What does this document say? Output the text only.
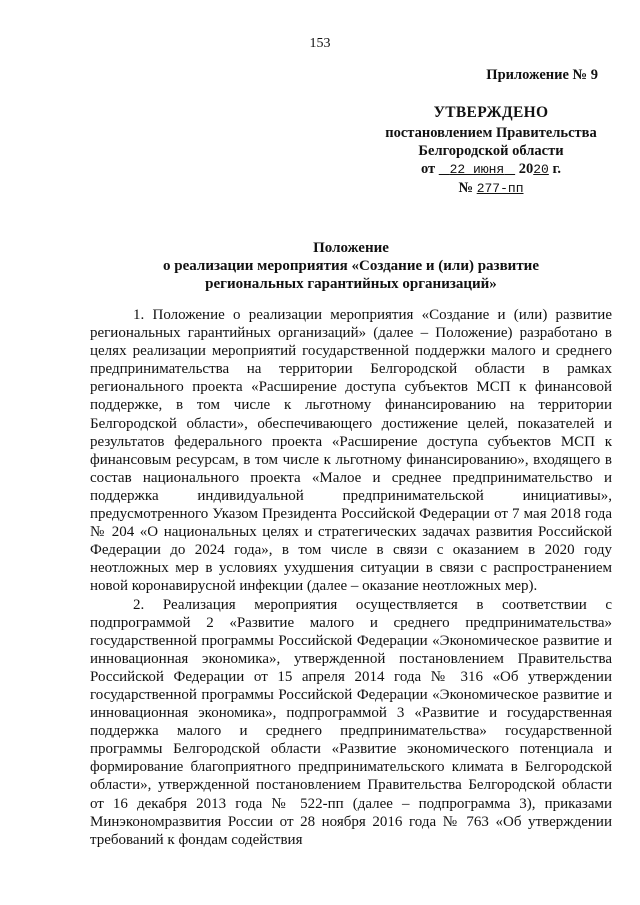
153
Приложение № 9
УТВЕРЖДЕНО
постановлением Правительства
Белгородской области
от 22 июня 2020 г.
№ 277-пп
Положение
о реализации мероприятия «Создание и (или) развитие
региональных гарантийных организаций»

1. Положение о реализации мероприятия «Создание и (или) развитие региональных гарантийных организаций» (далее – Положение) разработано в целях реализации мероприятий государственной поддержки малого и среднего предпринимательства на территории Белгородской области в рамках регионального проекта «Расширение доступа субъектов МСП к финансовой поддержке, в том числе к льготному финансированию на территории Белгородской области», обеспечивающего достижение целей, показателей и результатов федерального проекта «Расширение доступа субъектов МСП к финансовым ресурсам, в том числе к льготному финансированию», входящего в состав национального проекта «Малое и среднее предпринимательство и поддержка индивидуальной предпринимательской инициативы», предусмотренного Указом Президента Российской Федерации от 7 мая 2018 года № 204 «О национальных целях и стратегических задачах развития Российской Федерации до 2024 года», в том числе в связи с оказанием в 2020 году неотложных мер в условиях ухудшения ситуации в связи с распространением новой коронавирусной инфекции (далее – оказание неотложных мер).

2. Реализация мероприятия осуществляется в соответствии с подпрограммой 2 «Развитие малого и среднего предпринимательства» государственной программы Российской Федерации «Экономическое развитие и инновационная экономика», утвержденной постановлением Правительства Российской Федерации от 15 апреля 2014 года № 316 «Об утверждении государственной программы Российской Федерации «Экономическое развитие и инновационная экономика», подпрограммой 3 «Развитие и государственная поддержка малого и среднего предпринимательства» государственной программы Белгородской области «Развитие экономического потенциала и формирование благоприятного предпринимательского климата в Белгородской области», утвержденной постановлением Правительства Белгородской области от 16 декабря 2013 года № 522-пп (далее – подпрограмма 3), приказами Минэкономразвития России от 28 ноября 2016 года № 763 «Об утверждении требований к фондам содействия
